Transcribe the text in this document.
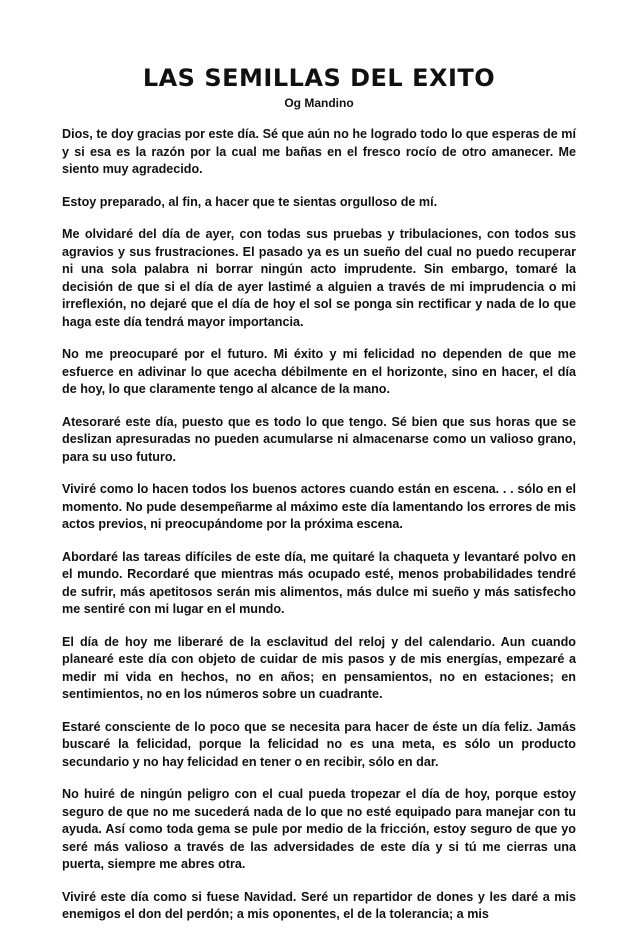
LAS SEMILLAS DEL EXITO
Og Mandino

Dios, te doy gracias por este día. Sé que aún no he logrado todo lo que esperas de mí y si esa es la razón por la cual me bañas en el fresco rocío de otro amanecer. Me siento muy agradecido.

Estoy preparado, al fin, a hacer que te sientas orgulloso de mí.

Me olvidaré del día de ayer, con todas sus pruebas y tribulaciones, con todos sus agravios y sus frustraciones. El pasado ya es un sueño del cual no puedo recuperar ni una sola palabra ni borrar ningún acto imprudente. Sin embargo, tomaré la decisión de que si el día de ayer lastimé a alguien a través de mi imprudencia o mi irreflexión, no dejaré que el día de hoy el sol se ponga sin rectificar y nada de lo que haga este día tendrá mayor importancia.

No me preocuparé por el futuro. Mi éxito y mi felicidad no dependen de que me esfuerce en adivinar lo que acecha débilmente en el horizonte, sino en hacer, el día de hoy, lo que claramente tengo al alcance de la mano.

Atesoraré este día, puesto que es todo lo que tengo. Sé bien que sus horas que se deslizan apresuradas no pueden acumularse ni almacenarse como un valioso grano, para su uso futuro.

Viviré como lo hacen todos los buenos actores cuando están en escena. . . sólo en el momento. No pude desempeñarme al máximo este día lamentando los errores de mis actos previos, ni preocupándome por la próxima escena.

Abordaré las tareas difíciles de este día, me quitaré la chaqueta y levantaré polvo en el mundo. Recordaré que mientras más ocupado esté, menos probabilidades tendré de sufrir, más apetitosos serán mis alimentos, más dulce mi sueño y más satisfecho me sentiré con mi lugar en el mundo.

El día de hoy me liberaré de la esclavitud del reloj y del calendario. Aun cuando planearé este día con objeto de cuidar de mis pasos y de mis energías, empezaré a medir mi vida en hechos, no en años; en pensamientos, no en estaciones; en sentimientos, no en los números sobre un cuadrante.

Estaré consciente de lo poco que se necesita para hacer de éste un día feliz. Jamás buscaré la felicidad, porque la felicidad no es una meta, es sólo un producto secundario y no hay felicidad en tener o en recibir, sólo en dar.

No huiré de ningún peligro con el cual pueda tropezar el día de hoy, porque estoy seguro de que no me sucederá nada de lo que no esté equipado para manejar con tu ayuda. Así como toda gema se pule por medio de la fricción, estoy seguro de que yo seré más valioso a través de las adversidades de este día y si tú me cierras una puerta, siempre me abres otra.

Viviré este día como si fuese Navidad. Seré un repartidor de dones y les daré a mis enemigos el don del perdón; a mis oponentes, el de la tolerancia; a mis
